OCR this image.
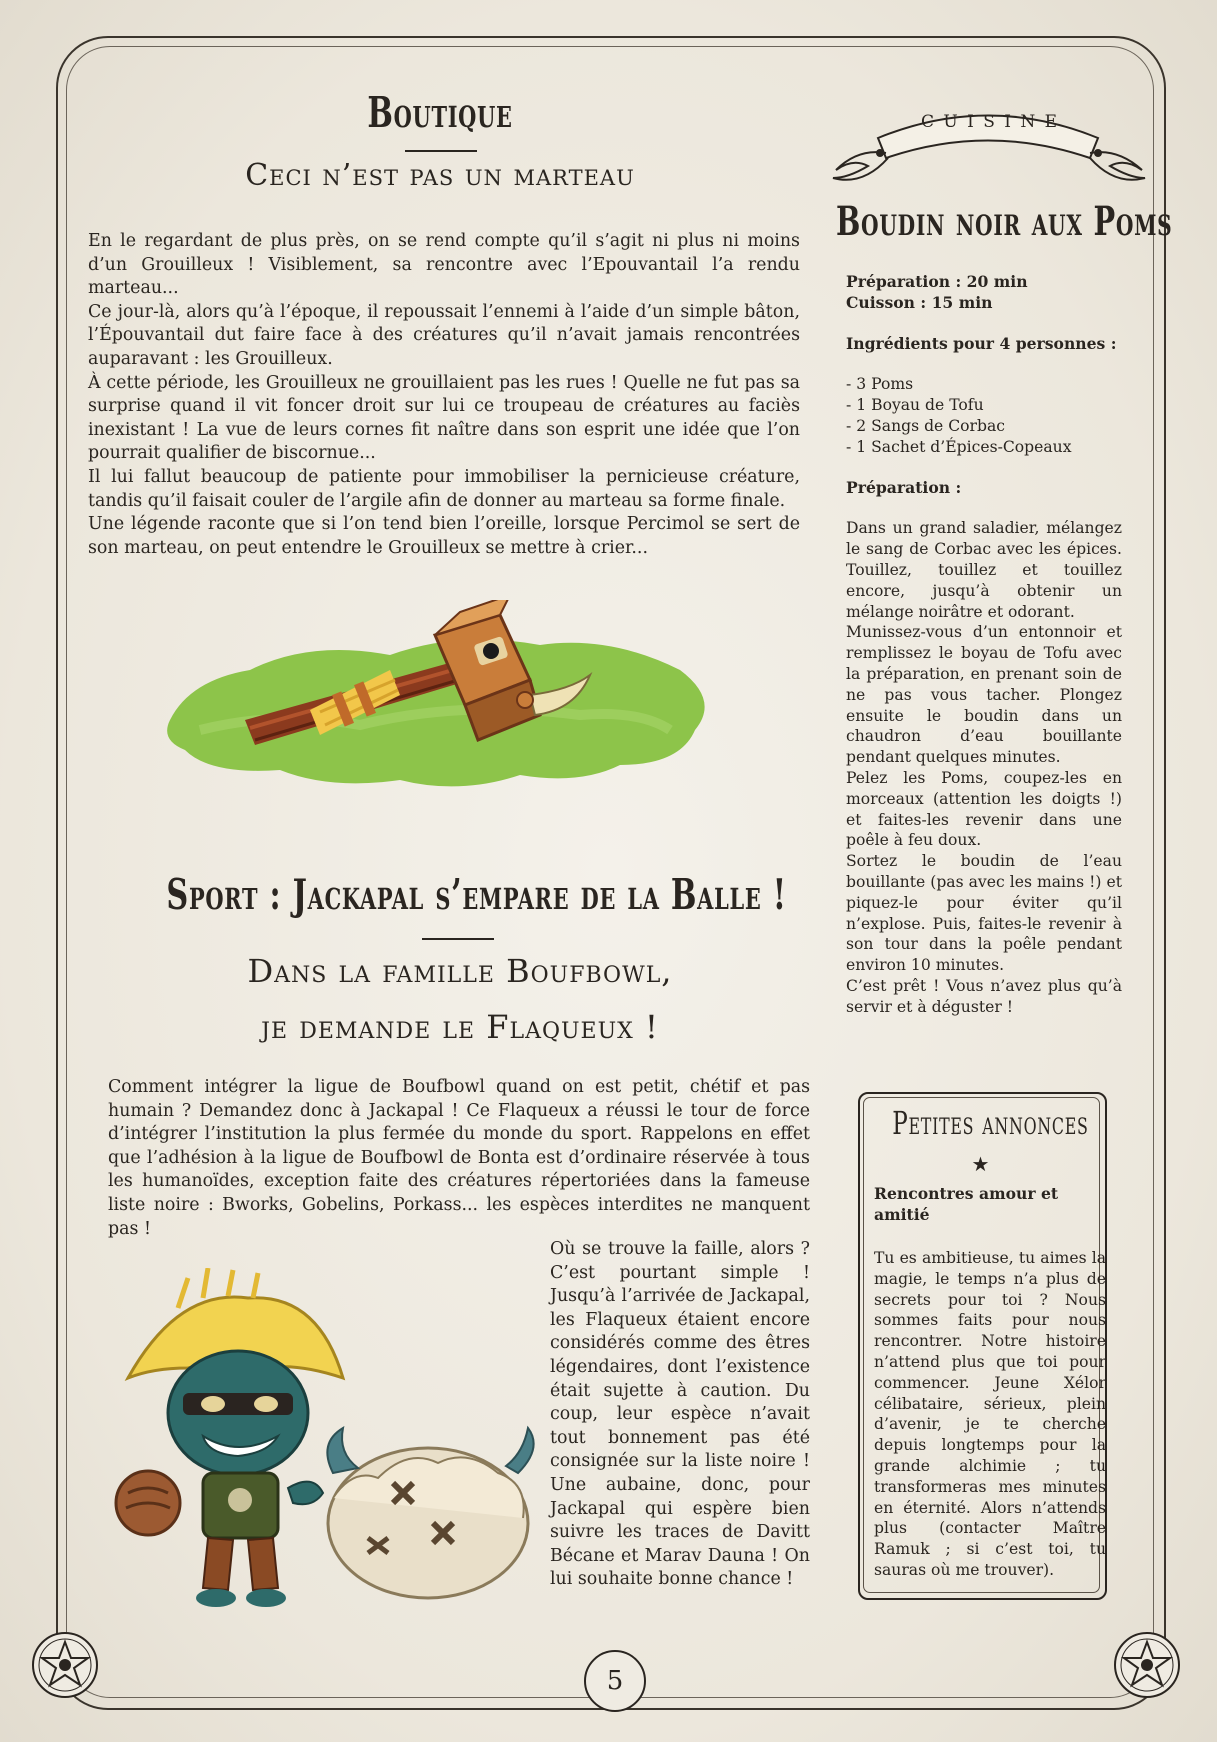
Boutique
Ceci n’est pas un marteau

En le regardant de plus près, on se rend compte qu’il s’agit ni plus ni moins d’un Grouilleux ! Visiblement, sa rencontre avec l’Epouvantail l’a rendu marteau...

Ce jour-là, alors qu’à l’époque, il repoussait l’ennemi à l’aide d’un simple bâton, l’Épouvantail dut faire face à des créatures qu’il n’avait jamais rencontrées auparavant : les Grouilleux.

À cette période, les Grouilleux ne grouillaient pas les rues ! Quelle ne fut pas sa surprise quand il vit foncer droit sur lui ce troupeau de créatures au faciès inexistant ! La vue de leurs cornes fit naître dans son esprit une idée que l’on pourrait qualifier de biscornue...

Il lui fallut beaucoup de patiente pour immobiliser la pernicieuse créature, tandis qu’il faisait couler de l’argile afin de donner au marteau sa forme finale.

Une légende raconte que si l’on tend bien l’oreille, lorsque Percimol se sert de son marteau, on peut entendre le Grouilleux se mettre à crier...

Sport : Jackapal s’empare de la Balle !
Dans la famille Boufbowl,
je demande le Flaqueux !
Comment intégrer la ligue de Boufbowl quand on est petit, chétif et pas humain ? Demandez donc à Jackapal ! Ce Flaqueux a réussi le tour de force d’intégrer l’institution la plus fermée du monde du sport. Rappelons en effet que l’adhésion à la ligue de Boufbowl de Bonta est d’ordinaire réservée à tous les humanoïdes, exception faite des créatures répertoriées dans la fameuse liste noire : Bworks, Gobelins, Porkass... les espèces interdites ne manquent pas !
Où se trouve la faille, alors ? C’est pourtant simple ! Jusqu’à l’arrivée de Jackapal, les Flaqueux étaient encore considérés comme des êtres légendaires, dont l’existence était sujette à caution. Du coup, leur espèce n’avait tout bonnement pas été consignée sur la liste noire ! Une aubaine, donc, pour Jackapal qui espère bien suivre les traces de Davitt Bécane et Marav Dauna ! On lui souhaite bonne chance !
C U I S I N E
Boudin noir aux Poms
Préparation : 20 min
Cuisson : 15 min
Ingrédients pour 4 personnes :
- 3 Poms
- 1 Boyau de Tofu
- 2 Sangs de Corbac
- 1 Sachet d’Épices-Copeaux
Préparation :

Dans un grand saladier, mélangez le sang de Corbac avec les épices. Touillez, touillez et touillez encore, jusqu’à obtenir un mélange noirâtre et odorant.

Munissez-vous d’un entonnoir et remplissez le boyau de Tofu avec la préparation, en prenant soin de ne pas vous tacher. Plongez ensuite le boudin dans un chaudron d’eau bouillante pendant quelques minutes.

Pelez les Poms, coupez-les en morceaux (attention les doigts !) et faites-les revenir dans une poêle à feu doux.

Sortez le boudin de l’eau bouillante (pas avec les mains !) et piquez-le pour éviter qu’il n’explose. Puis, faites-le revenir à son tour dans la poêle pendant environ 10 minutes.

C’est prêt ! Vous n’avez plus qu’à servir et à déguster !

Petites annonces
★
Rencontres amour et amitié

Tu es ambitieuse, tu aimes la magie, le temps n’a plus de secrets pour toi ? Nous sommes faits pour nous rencontrer. Notre histoire n’attend plus que toi pour commencer. Jeune Xélor célibataire, sérieux, plein d’avenir, je te cherche depuis longtemps pour la grande alchimie ; tu transformeras mes minutes en éternité. Alors n’attends plus (contacter Maître Ramuk ; si c’est toi, tu sauras où me trouver).

5
